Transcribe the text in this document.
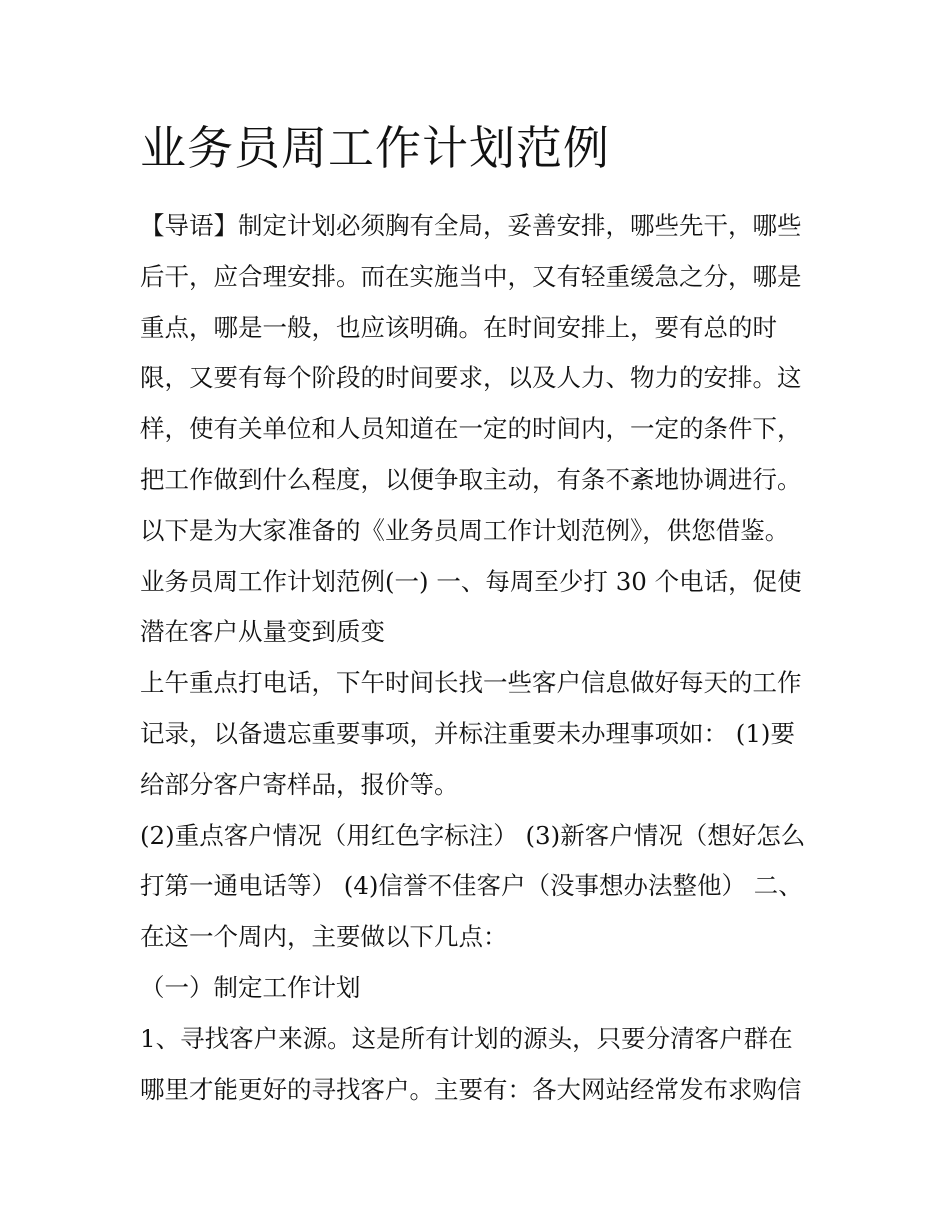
业务员周工作计划范例

【导语】制定计划必须胸有全局，妥善安排，哪些先干，哪些

后干，应合理安排。而在实施当中，又有轻重缓急之分，哪是

重点，哪是一般，也应该明确。在时间安排上，要有总的时

限，又要有每个阶段的时间要求，以及人力、物力的安排。这

样，使有关单位和人员知道在一定的时间内，一定的条件下，

把工作做到什么程度，以便争取主动，有条不紊地协调进行。

以下是为大家准备的《业务员周工作计划范例》，供您借鉴。

业务员周工作计划范例(一) 一、每周至少打 30 个电话，促使

潜在客户从量变到质变

上午重点打电话，下午时间长找一些客户信息做好每天的工作

记录，以备遗忘重要事项，并标注重要未办理事项如： (1)要

给部分客户寄样品，报价等。

(2)重点客户情况（用红色字标注） (3)新客户情况（想好怎么

打第一通电话等） (4)信誉不佳客户（没事想办法整他） 二、

在这一个周内，主要做以下几点：

（一）制定工作计划

1、寻找客户来源。这是所有计划的源头，只要分清客户群在

哪里才能更好的寻找客户。主要有：各大网站经常发布求购信
